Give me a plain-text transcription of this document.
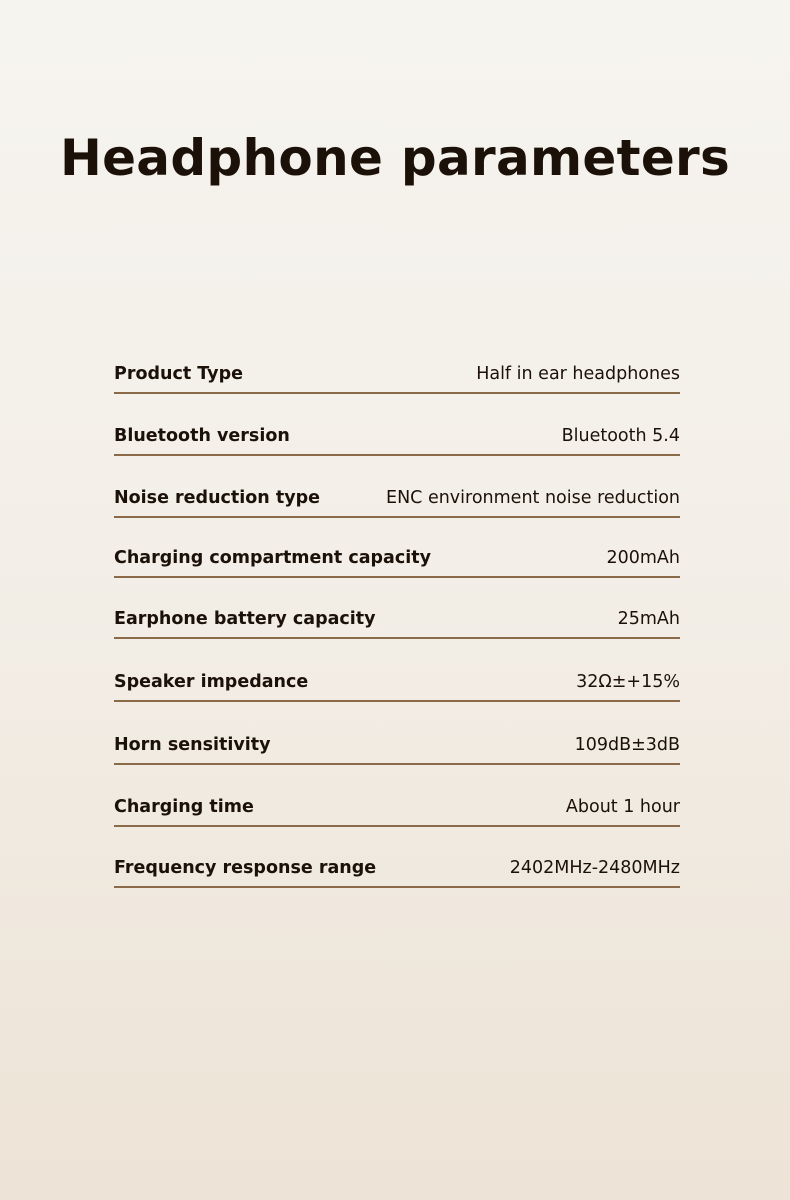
Headphone parameters
Product Type	Half in ear headphones
Bluetooth version	Bluetooth 5.4
Noise reduction type	ENC environment noise reduction
Charging compartment capacity	200mAh
Earphone battery capacity	25mAh
Speaker impedance	32Ω±+15%
Horn sensitivity	109dB±3dB
Charging time	About 1 hour
Frequency response range	2402MHz-2480MHz
